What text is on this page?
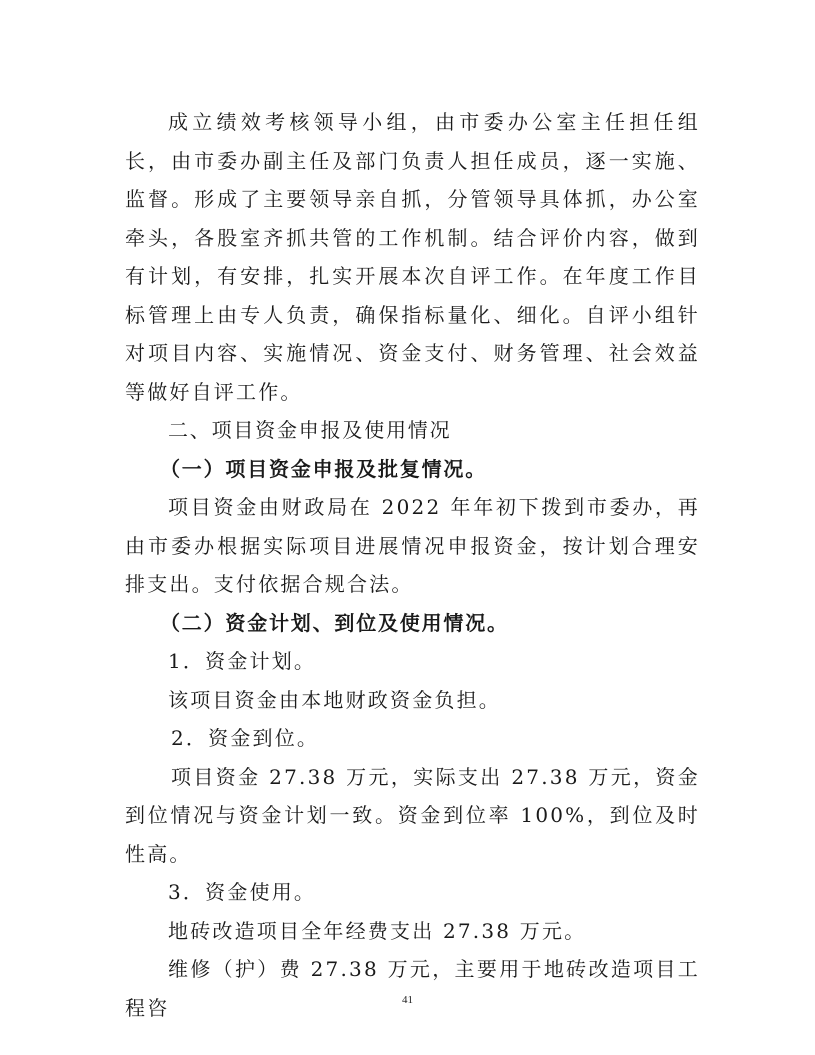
成立绩效考核领导小组，由市委办公室主任担任组长，由市委办副主任及部门负责人担任成员，逐一实施、监督。形成了主要领导亲自抓，分管领导具体抓，办公室牵头，各股室齐抓共管的工作机制。结合评价内容，做到有计划，有安排，扎实开展本次自评工作。在年度工作目标管理上由专人负责，确保指标量化、细化。自评小组针对项目内容、实施情况、资金支付、财务管理、社会效益等做好自评工作。

二、项目资金申报及使用情况

（一）项目资金申报及批复情况。

项目资金由财政局在 2022 年年初下拨到市委办，再由市委办根据实际项目进展情况申报资金，按计划合理安排支出。支付依据合规合法。

（二）资金计划、到位及使用情况。

1．资金计划。

该项目资金由本地财政资金负担。

2．资金到位。

项目资金 27.38 万元，实际支出 27.38 万元，资金到位情况与资金计划一致。资金到位率 100%，到位及时性高。

3．资金使用。

地砖改造项目全年经费支出 27.38 万元。

维修（护）费 27.38 万元，主要用于地砖改造项目工程咨	41
